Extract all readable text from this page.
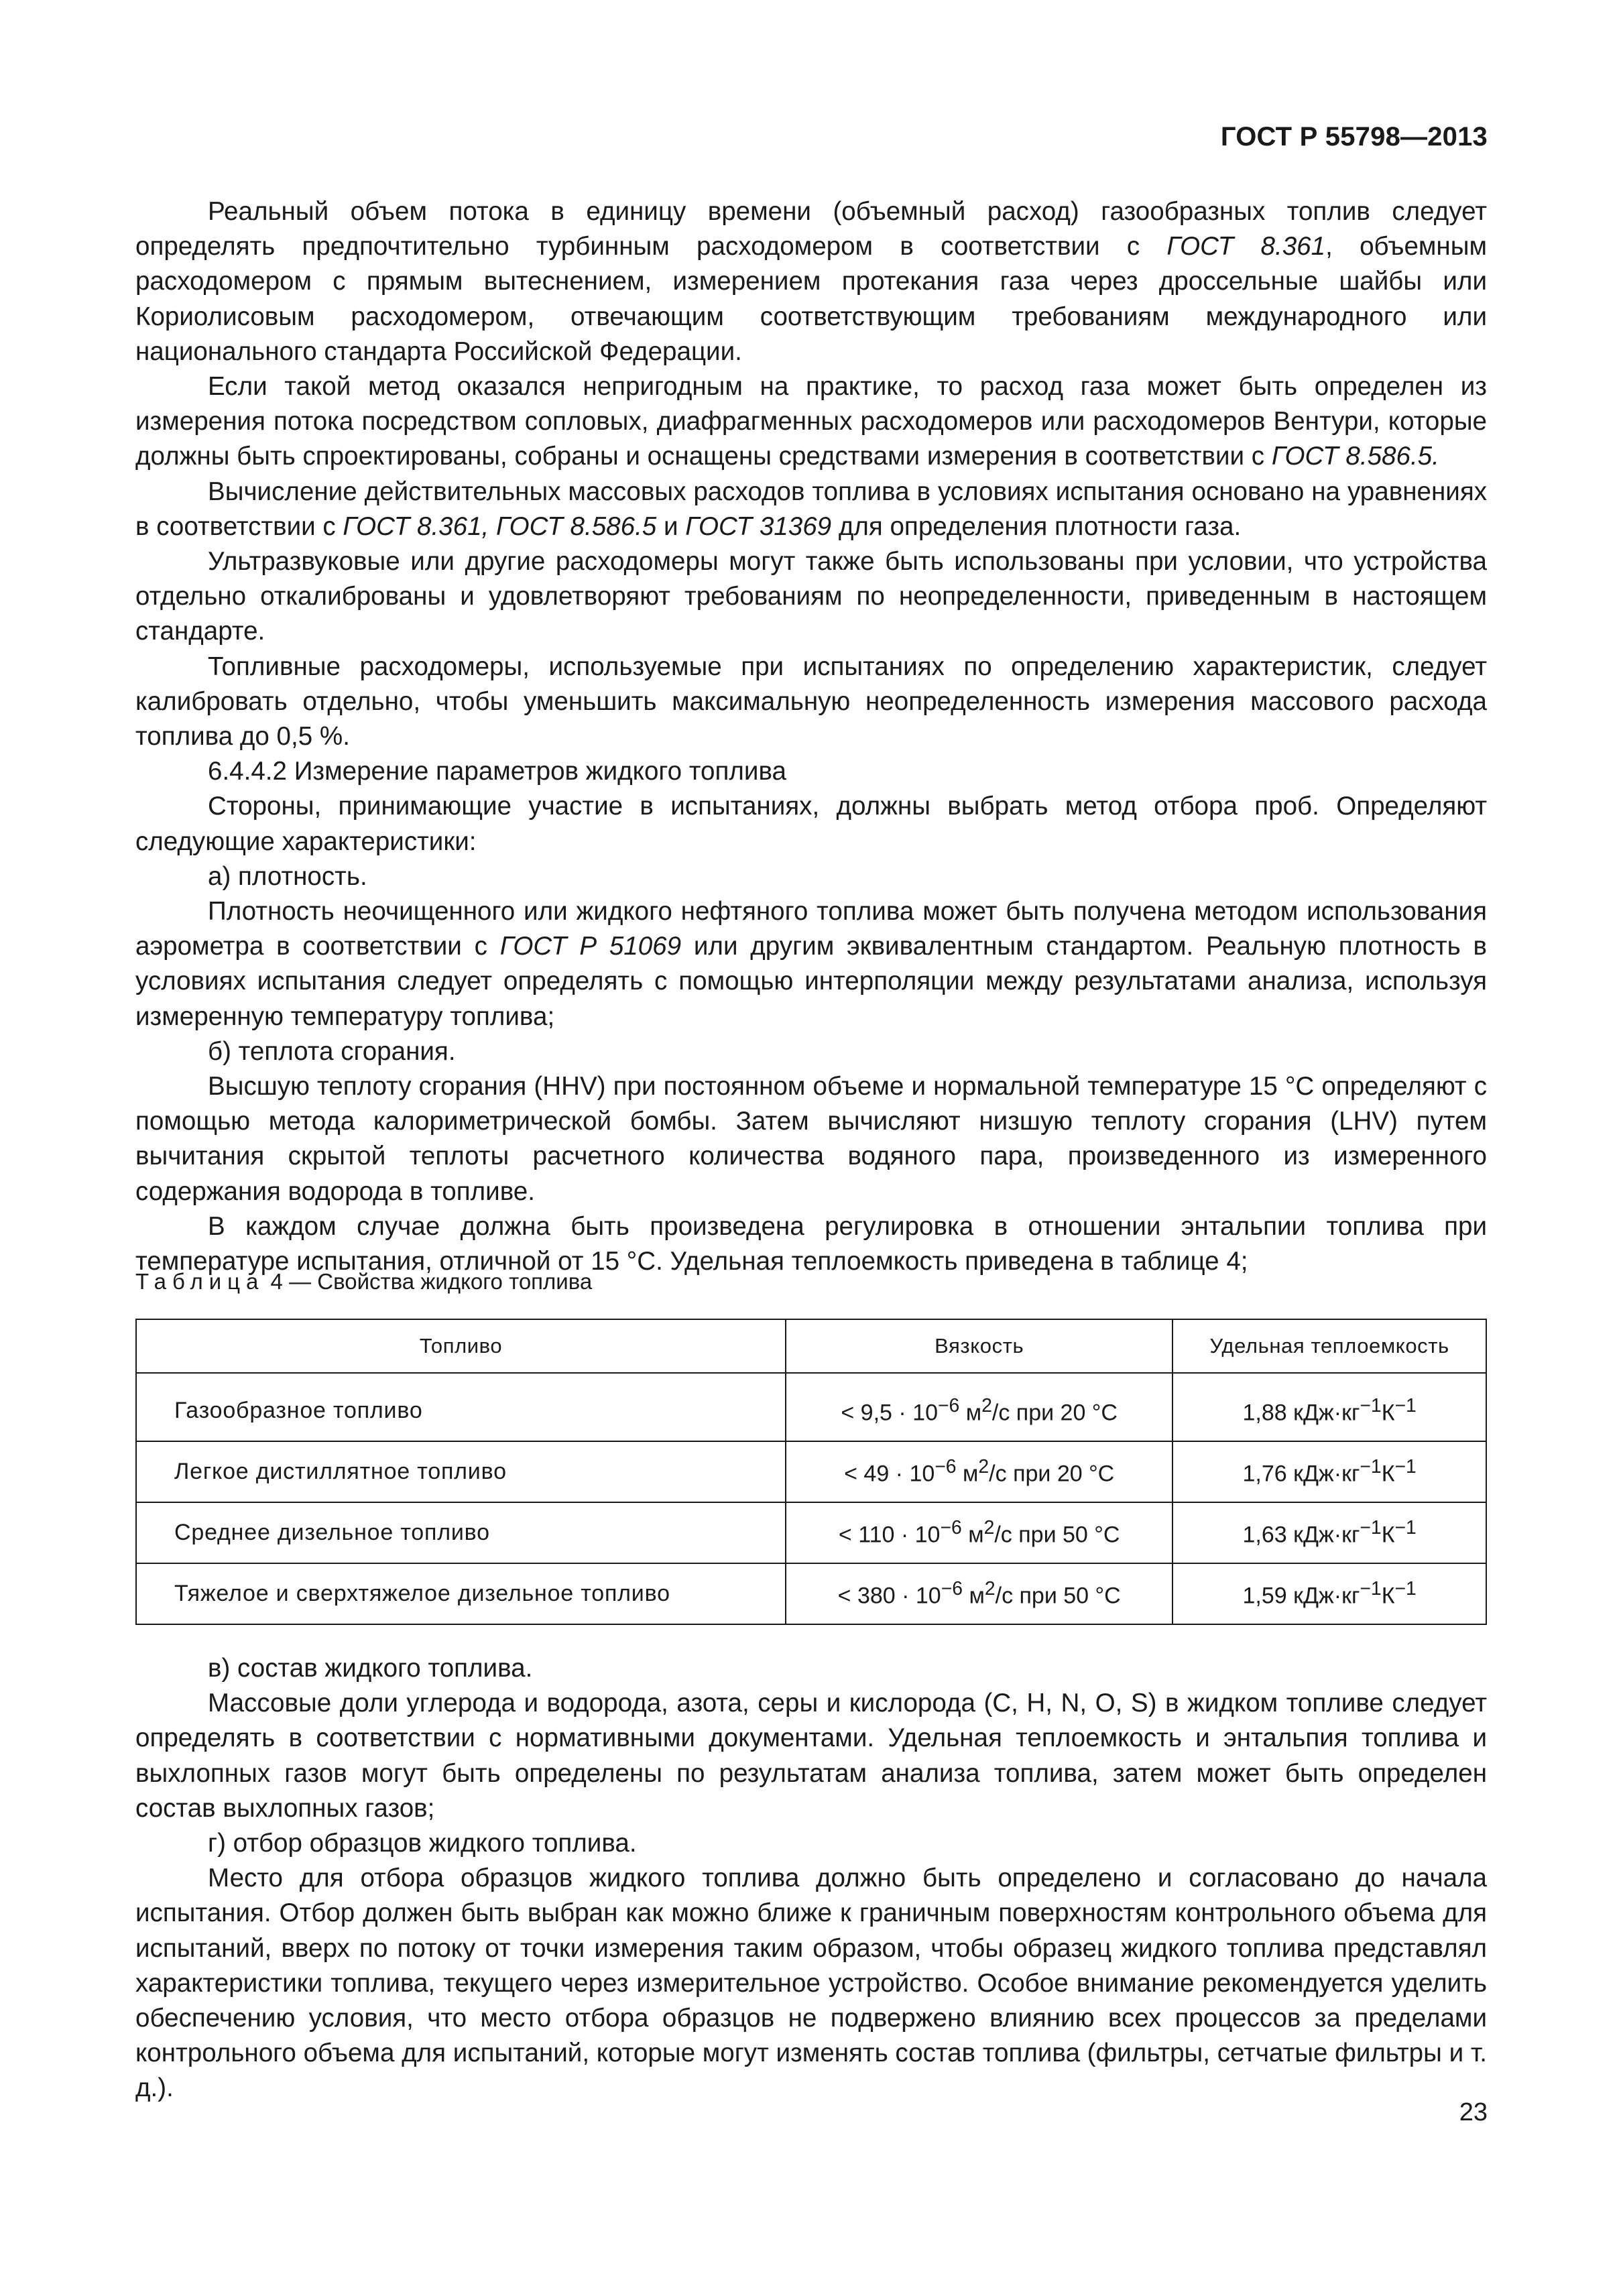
ГОСТ Р 55798—2013

Реальный объем потока в единицу времени (объемный расход) газообразных топлив следует определять предпочтительно турбинным расходомером в соответствии с ГОСТ 8.361, объемным расходомером с прямым вытеснением, измерением протекания газа через дроссельные шайбы или Кориолисовым расходомером, отвечающим соответствующим требованиям международного или национального стандарта Российской Федерации.

Если такой метод оказался непригодным на практике, то расход газа может быть определен из измерения потока посредством сопловых, диафрагменных расходомеров или расходомеров Вентури, которые должны быть спроектированы, собраны и оснащены средствами измерения в соответствии с ГОСТ 8.586.5.

Вычисление действительных массовых расходов топлива в условиях испытания основано на уравнениях в соответствии с ГОСТ 8.361, ГОСТ 8.586.5 и ГОСТ 31369 для определения плотности газа.

Ультразвуковые или другие расходомеры могут также быть использованы при условии, что устройства отдельно откалиброваны и удовлетворяют требованиям по неопределенности, приведенным в настоящем стандарте.

Топливные расходомеры, используемые при испытаниях по определению характеристик, следует калибровать отдельно, чтобы уменьшить максимальную неопределенность измерения массового расхода топлива до 0,5 %.

6.4.4.2 Измерение параметров жидкого топлива

Стороны, принимающие участие в испытаниях, должны выбрать метод отбора проб. Определяют следующие характеристики:

а) плотность.

Плотность неочищенного или жидкого нефтяного топлива может быть получена методом использования аэрометра в соответствии с ГОСТ Р 51069 или другим эквивалентным стандартом. Реальную плотность в условиях испытания следует определять с помощью интерполяции между результатами анализа, используя измеренную температуру топлива;

б) теплота сгорания.

Высшую теплоту сгорания (HHV) при постоянном объеме и нормальной температуре 15 °C определяют с помощью метода калориметрической бомбы. Затем вычисляют низшую теплоту сгорания (LHV) путем вычитания скрытой теплоты расчетного количества водяного пара, произведенного из измеренного содержания водорода в топливе.

В каждом случае должна быть произведена регулировка в отношении энтальпии топлива при температуре испытания, отличной от 15 °C. Удельная теплоемкость приведена в таблице 4;

Таблица 4 — Свойства жидкого топлива
Топливо	Вязкость	Удельная теплоемкость
Газообразное топливо	< $9,5 \cdot 10^{-6}$ $м^2/с$ при 20 °C	1,88 $кДж\cdot кг^{-1}К^{-1}$
Легкое дистиллятное топливо	< $49 \cdot 10^{-6}$ $м^2/с$ при 20 °C	1,76 $кДж\cdot кг^{-1}К^{-1}$
Среднее дизельное топливо	< $110 \cdot 10^{-6}$ $м^2/с$ при 50 °C	1,63 $кДж\cdot кг^{-1}К^{-1}$
Тяжелое и сверхтяжелое дизельное топливо	< $380 \cdot 10^{-6}$ $м^2/с$ при 50 °C	1,59 $кДж\cdot кг^{-1}К^{-1}$

в) состав жидкого топлива.

Массовые доли углерода и водорода, азота, серы и кислорода (C, H, N, O, S) в жидком топливе следует определять в соответствии с нормативными документами. Удельная теплоемкость и энтальпия топлива и выхлопных газов могут быть определены по результатам анализа топлива, затем может быть определен состав выхлопных газов;

г) отбор образцов жидкого топлива.

Место для отбора образцов жидкого топлива должно быть определено и согласовано до начала испытания. Отбор должен быть выбран как можно ближе к граничным поверхностям контрольного объема для испытаний, вверх по потоку от точки измерения таким образом, чтобы образец жидкого топлива представлял характеристики топлива, текущего через измерительное устройство. Особое внимание рекомендуется уделить обеспечению условия, что место отбора образцов не подвержено влиянию всех процессов за пределами контрольного объема для испытаний, которые могут изменять состав топлива (фильтры, сетчатые фильтры и т. д.).

23
